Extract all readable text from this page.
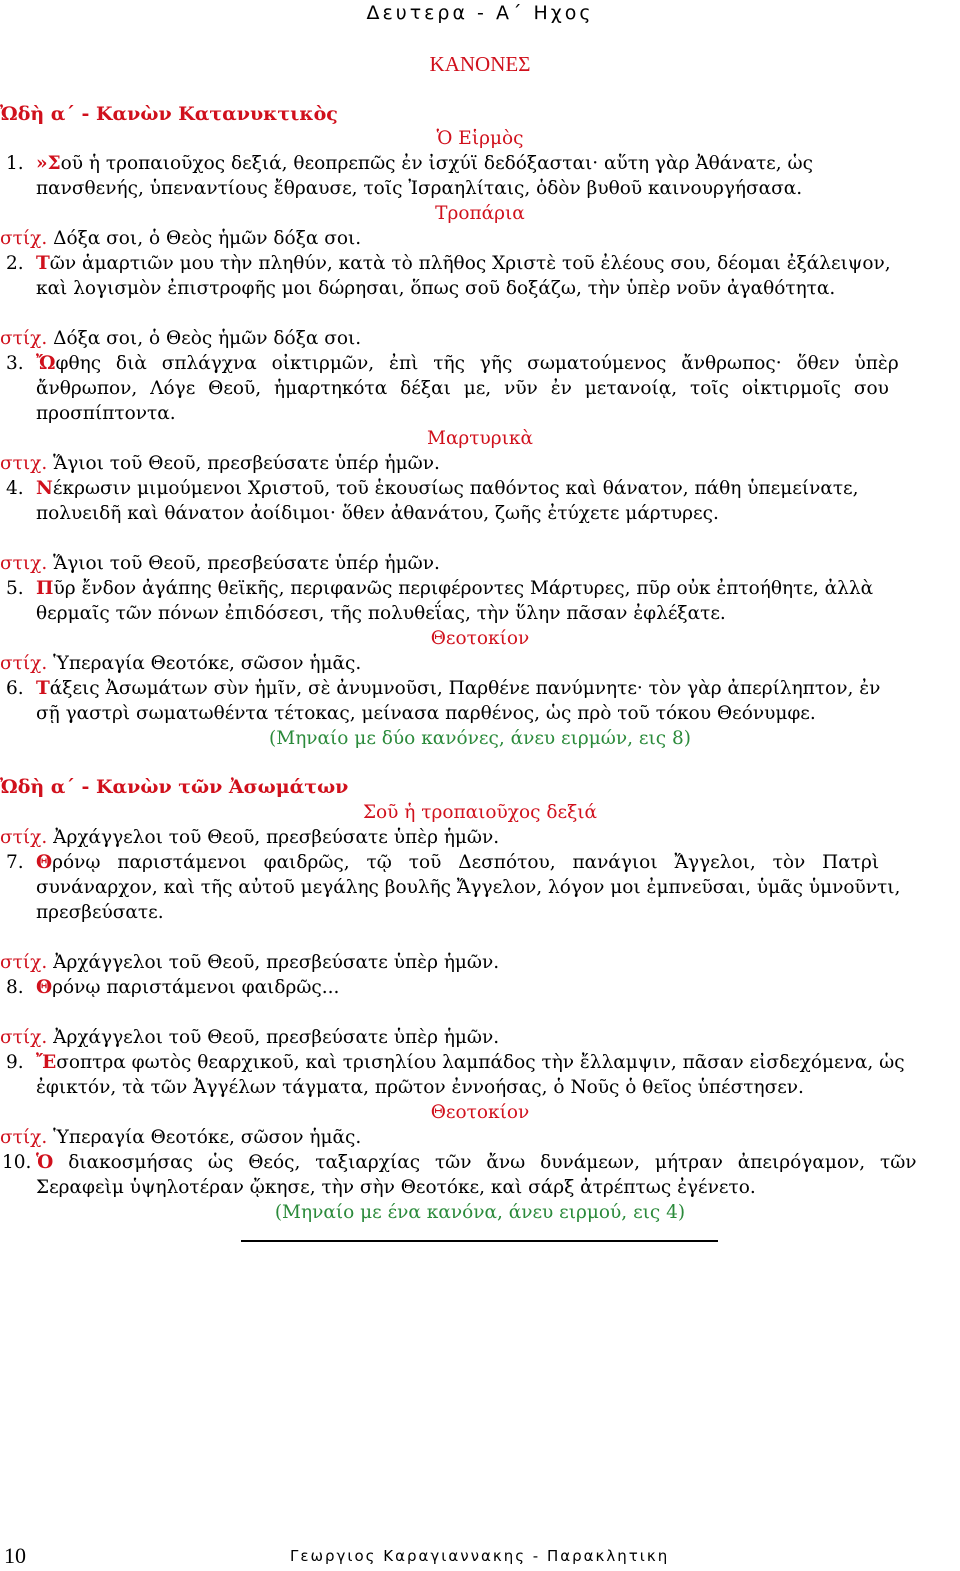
Δευτερα - Α΄ Ηχος
ΚΑΝΟΝΕΣ
Ὠδὴ α΄ - Κανὼν Κατανυκτικὸς
Ὁ Εἱρμὸς
1. »Σοῦ ἡ τροπαιοῦχος δεξιά, θεοπρεπῶς ἐν ἰσχύϊ δεδόξασται· αὕτη γὰρ Ἀθάνατε, ὡς
πανσθενής, ὑπεναντίους ἔθραυσε, τοῖς Ἰσραηλίταις, ὁδὸν βυθοῦ καινουργήσασα.
Τροπάρια
στίχ. Δόξα σοι, ὁ Θεὸς ἡμῶν δόξα σοι.
2. Τῶν ἁμαρτιῶν μου τὴν πληθύν, κατὰ τὸ πλῆθος Χριστὲ τοῦ ἐλέους σου, δέομαι ἐξάλειψον,
καὶ λογισμὸν ἐπιστροφῆς μοι δώρησαι, ὅπως σοῦ δοξάζω, τὴν ὑπὲρ νοῦν ἀγαθότητα.
στίχ. Δόξα σοι, ὁ Θεὸς ἡμῶν δόξα σοι.
3. Ὤφθης διὰ σπλάγχνα οἰκτιρμῶν, ἐπὶ τῆς γῆς σωματούμενος ἄνθρωπος· ὅθεν ὑπὲρ
ἄνθρωπον, Λόγε Θεοῦ, ἡμαρτηκότα δέξαι με, νῦν ἐν μετανοίᾳ, τοῖς οἰκτιρμοῖς σου
προσπίπτοντα.
Μαρτυρικὰ
στιχ. Ἅγιοι τοῦ Θεοῦ, πρεσβεύσατε ὑπέρ ἡμῶν.
4. Νέκρωσιν μιμούμενοι Χριστοῦ, τοῦ ἑκουσίως παθόντος καὶ θάνατον, πάθη ὑπεμείνατε,
πολυειδῆ καὶ θάνατον ἀοίδιμοι· ὅθεν ἀθανάτου, ζωῆς ἐτύχετε μάρτυρες.
στιχ. Ἅγιοι τοῦ Θεοῦ, πρεσβεύσατε ὑπέρ ἡμῶν.
5. Πῦρ ἔνδον ἀγάπης θεϊκῆς, περιφανῶς περιφέροντες Μάρτυρες, πῦρ οὐκ ἐπτοήθητε, ἀλλὰ
θερμαῖς τῶν πόνων ἐπιδόσεσι, τῆς πολυθεΐας, τὴν ὕλην πᾶσαν ἐφλέξατε.
Θεοτοκίον
στίχ. Ὑπεραγία Θεοτόκε, σῶσον ἡμᾶς.
6. Τάξεις Ἀσωμάτων σὺν ἡμῖν, σὲ ἀνυμνοῦσι, Παρθένε πανύμνητε· τὸν γὰρ ἀπερίληπτον, ἐν
σῇ γαστρὶ σωματωθέντα τέτοκας, μείνασα παρθένος, ὡς πρὸ τοῦ τόκου Θεόνυμφε.
(Μηναίο με δύο κανόνες, άνευ ειρμών, εις 8)
Ὠδὴ α΄ - Κανὼν τῶν Ἀσωμάτων
Σοῦ ἡ τροπαιοῦχος δεξιά
στίχ. Ἀρχάγγελοι τοῦ Θεοῦ, πρεσβεύσατε ὑπὲρ ἡμῶν.
7. Θρόνῳ παριστάμενοι φαιδρῶς, τῷ τοῦ Δεσπότου, πανάγιοι Ἄγγελοι, τὸν Πατρὶ
συνάναρχον, καὶ τῆς αὐτοῦ μεγάλης βουλῆς Ἄγγελον, λόγον μοι ἐμπνεῦσαι, ὑμᾶς ὑμνοῦντι,
πρεσβεύσατε.
στίχ. Ἀρχάγγελοι τοῦ Θεοῦ, πρεσβεύσατε ὑπὲρ ἡμῶν.
8. Θρόνῳ παριστάμενοι φαιδρῶς...
στίχ. Ἀρχάγγελοι τοῦ Θεοῦ, πρεσβεύσατε ὑπὲρ ἡμῶν.
9. Ἔσοπτρα φωτὸς θεαρχικοῦ, καὶ τρισηλίου λαμπάδος τὴν ἔλλαμψιν, πᾶσαν εἰσδεχόμενα, ὡς
ἐφικτόν, τὰ τῶν Ἀγγέλων τάγματα, πρῶτον ἐννοήσας, ὁ Νοῦς ὁ θεῖος ὑπέστησεν.
Θεοτοκίον
στίχ. Ὑπεραγία Θεοτόκε, σῶσον ἡμᾶς.
10. Ὁ διακοσμήσας ὡς Θεός, ταξιαρχίας τῶν ἄνω δυνάμεων, μήτραν ἀπειρόγαμον, τῶν
Σεραφεὶμ ὑψηλοτέραν ᾤκησε, τὴν σὴν Θεοτόκε, καὶ σάρξ ἀτρέπτως ἐγένετο.
(Μηναίο με ένα κανόνα, άνευ ειρμού, εις 4)
10	Γεωργιος Καραγιαννακης - Παρακλητικη
